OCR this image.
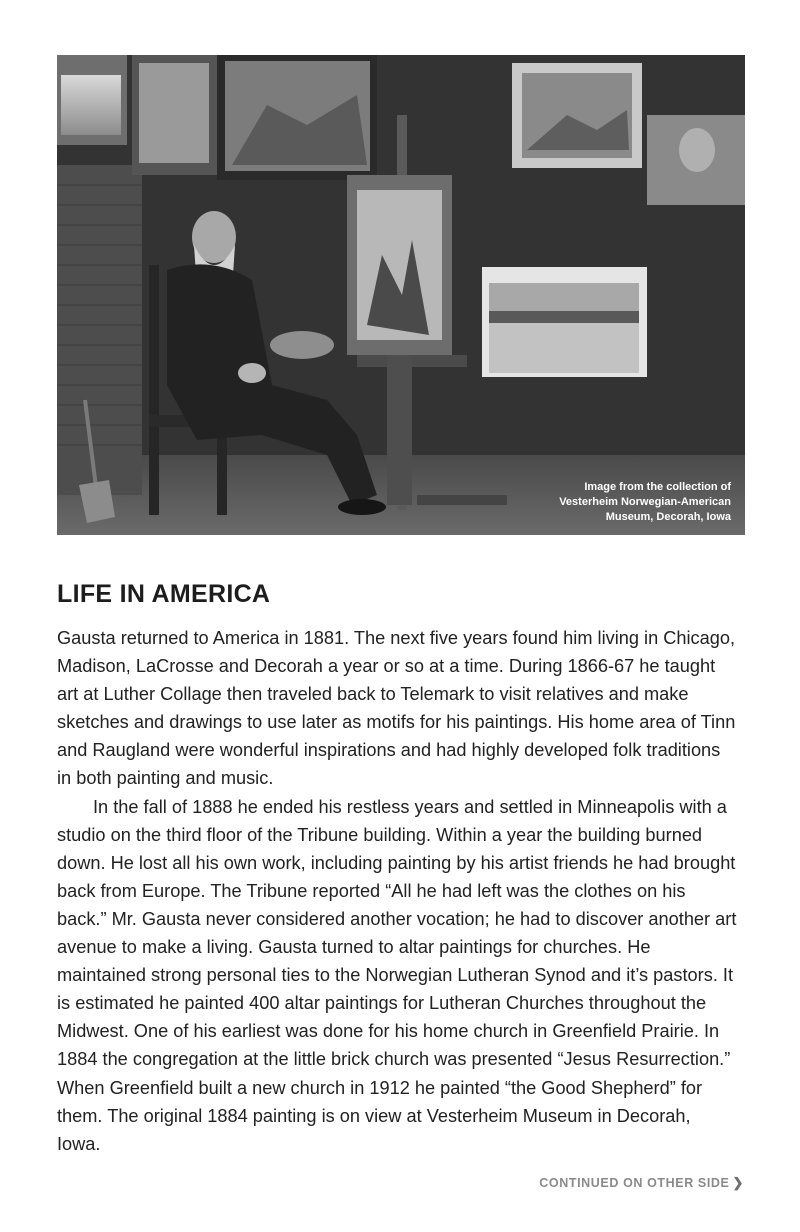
Image from the collection of
Vesterheim Norwegian-American
Museum, Decorah, Iowa
LIFE IN AMERICA

Gausta returned to America in 1881. The next five years found him living in Chicago, Madison, LaCrosse and Decorah a year or so at a time. During 1866-67 he taught art at Luther Collage then traveled back to Telemark to visit relatives and make sketches and drawings to use later as motifs for his paintings. His home area of Tinn and Raugland were wonderful inspirations and had highly developed folk traditions in both painting and music.

In the fall of 1888 he ended his restless years and settled in Minneapolis with a studio on the third floor of the Tribune building. Within a year the building burned down. He lost all his own work, including painting by his artist friends he had brought back from Europe. The Tribune reported “All he had left was the clothes on his back.” Mr. Gausta never considered another vocation; he had to discover another art avenue to make a living. Gausta turned to altar paintings for churches. He maintained strong personal ties to the Norwegian Lutheran Synod and it’s pastors. It is estimated he painted 400 altar paintings for Lutheran Churches throughout the Midwest. One of his earliest was done for his home church in Greenfield Prairie. In 1884 the congregation at the little brick church was presented “Jesus Resurrection.” When Greenfield built a new church in 1912 he painted “the Good Shepherd” for them. The original 1884 painting is on view at Vesterheim Museum in Decorah, Iowa.

CONTINUED ON OTHER SIDE ❯
